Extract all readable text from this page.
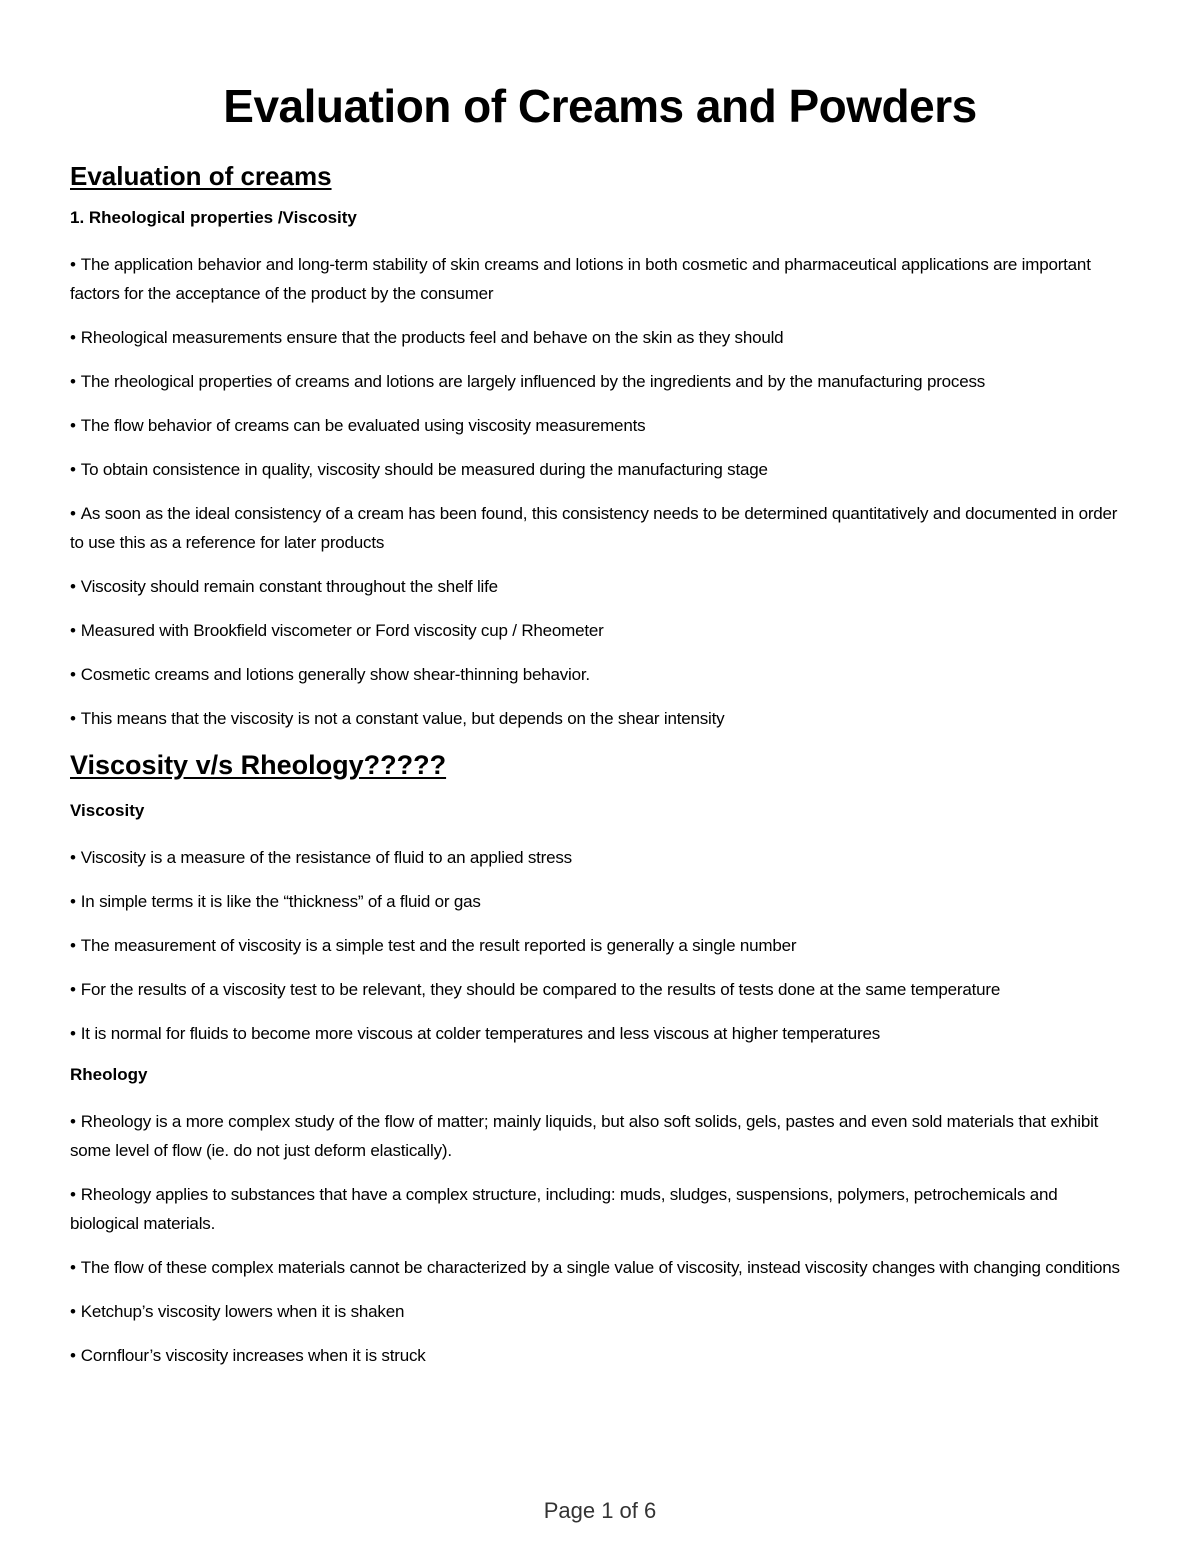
Evaluation of Creams and Powders
Evaluation of creams
1. Rheological properties /Viscosity
• The application behavior and long-term stability of skin creams and lotions in both cosmetic and pharmaceutical applications are important factors for the acceptance of the product by the consumer
• Rheological measurements ensure that the products feel and behave on the skin as they should
• The rheological properties of creams and lotions are largely influenced by the ingredients and by the manufacturing process
• The flow behavior of creams can be evaluated using viscosity measurements
• To obtain consistence in quality, viscosity should be measured during the manufacturing stage
• As soon as the ideal consistency of a cream has been found, this consistency needs to be determined quantitatively and documented in order to use this as a reference for later products
• Viscosity should remain constant throughout the shelf life
• Measured with Brookfield viscometer or Ford viscosity cup / Rheometer
• Cosmetic creams and lotions generally show shear-thinning behavior.
• This means that the viscosity is not a constant value, but depends on the shear intensity
Viscosity v/s Rheology?????
Viscosity
• Viscosity is a measure of the resistance of fluid to an applied stress
• In simple terms it is like the “thickness” of a fluid or gas
• The measurement of viscosity is a simple test and the result reported is generally a single number
• For the results of a viscosity test to be relevant, they should be compared to the results of tests done at the same temperature
• It is normal for fluids to become more viscous at colder temperatures and less viscous at higher temperatures
Rheology
• Rheology is a more complex study of the flow of matter; mainly liquids, but also soft solids, gels, pastes and even sold materials that exhibit some level of flow (ie. do not just deform elastically).
• Rheology applies to substances that have a complex structure, including: muds, sludges, suspensions, polymers, petrochemicals and biological materials.
• The flow of these complex materials cannot be characterized by a single value of viscosity, instead viscosity changes with changing conditions
• Ketchup’s viscosity lowers when it is shaken
• Cornflour’s viscosity increases when it is struck
Page 1 of 6
